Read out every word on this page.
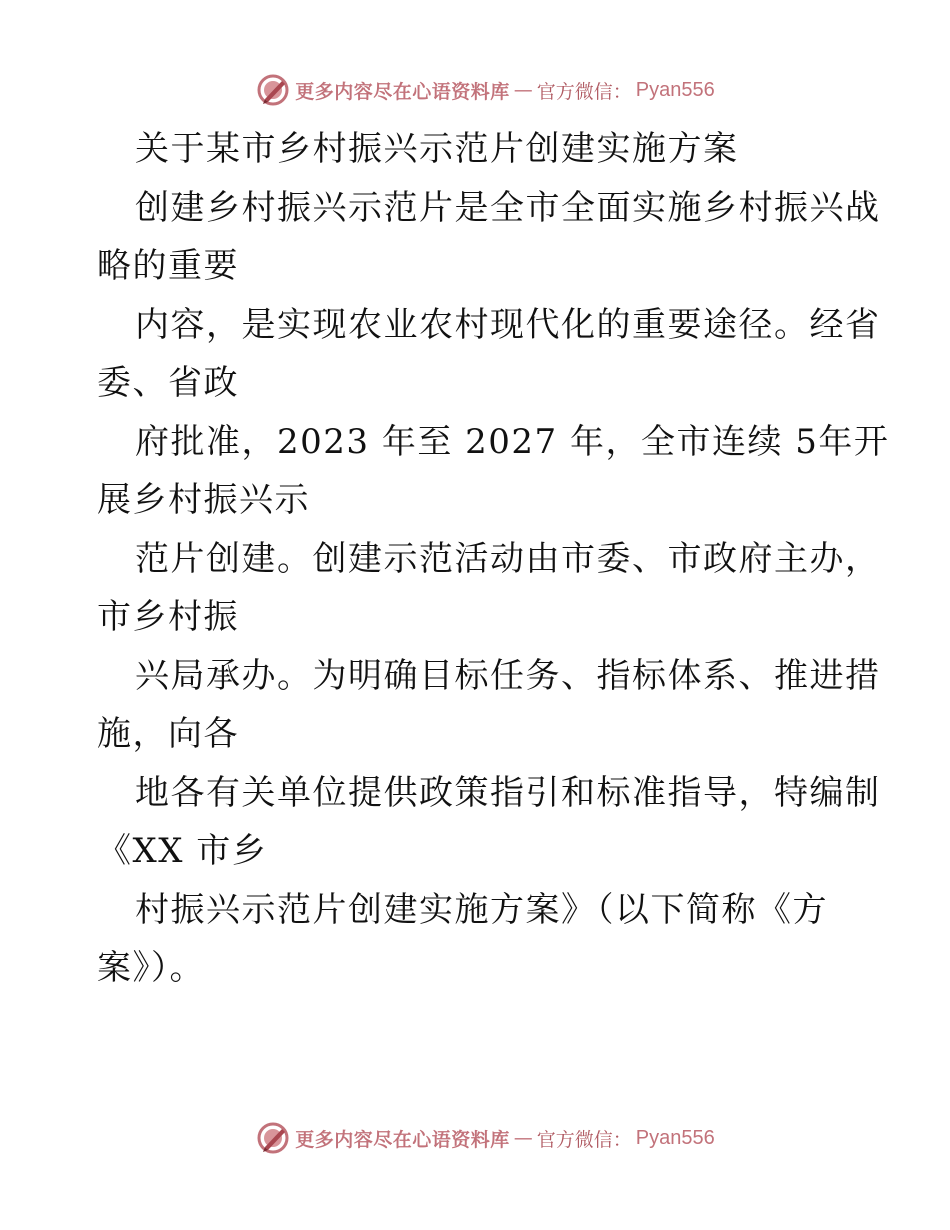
更多内容尽在心语资料库 — 官方微信： Pyan556
关于某市乡村振兴示范片创建实施方案
创建乡村振兴示范片是全市全面实施乡村振兴战
略的重要
内容，是实现农业农村现代化的重要途径。经省
委、省政
府批准，2023 年至 2027 年，全市连续 5年开
展乡村振兴示
范片创建。创建示范活动由市委、市政府主办，
市乡村振
兴局承办。为明确目标任务、指标体系、推进措
施，向各
地各有关单位提供政策指引和标准指导，特编制
《XX 市乡
村振兴示范片创建实施方案》（以下简称《方
案》）。
更多内容尽在心语资料库 — 官方微信： Pyan556
